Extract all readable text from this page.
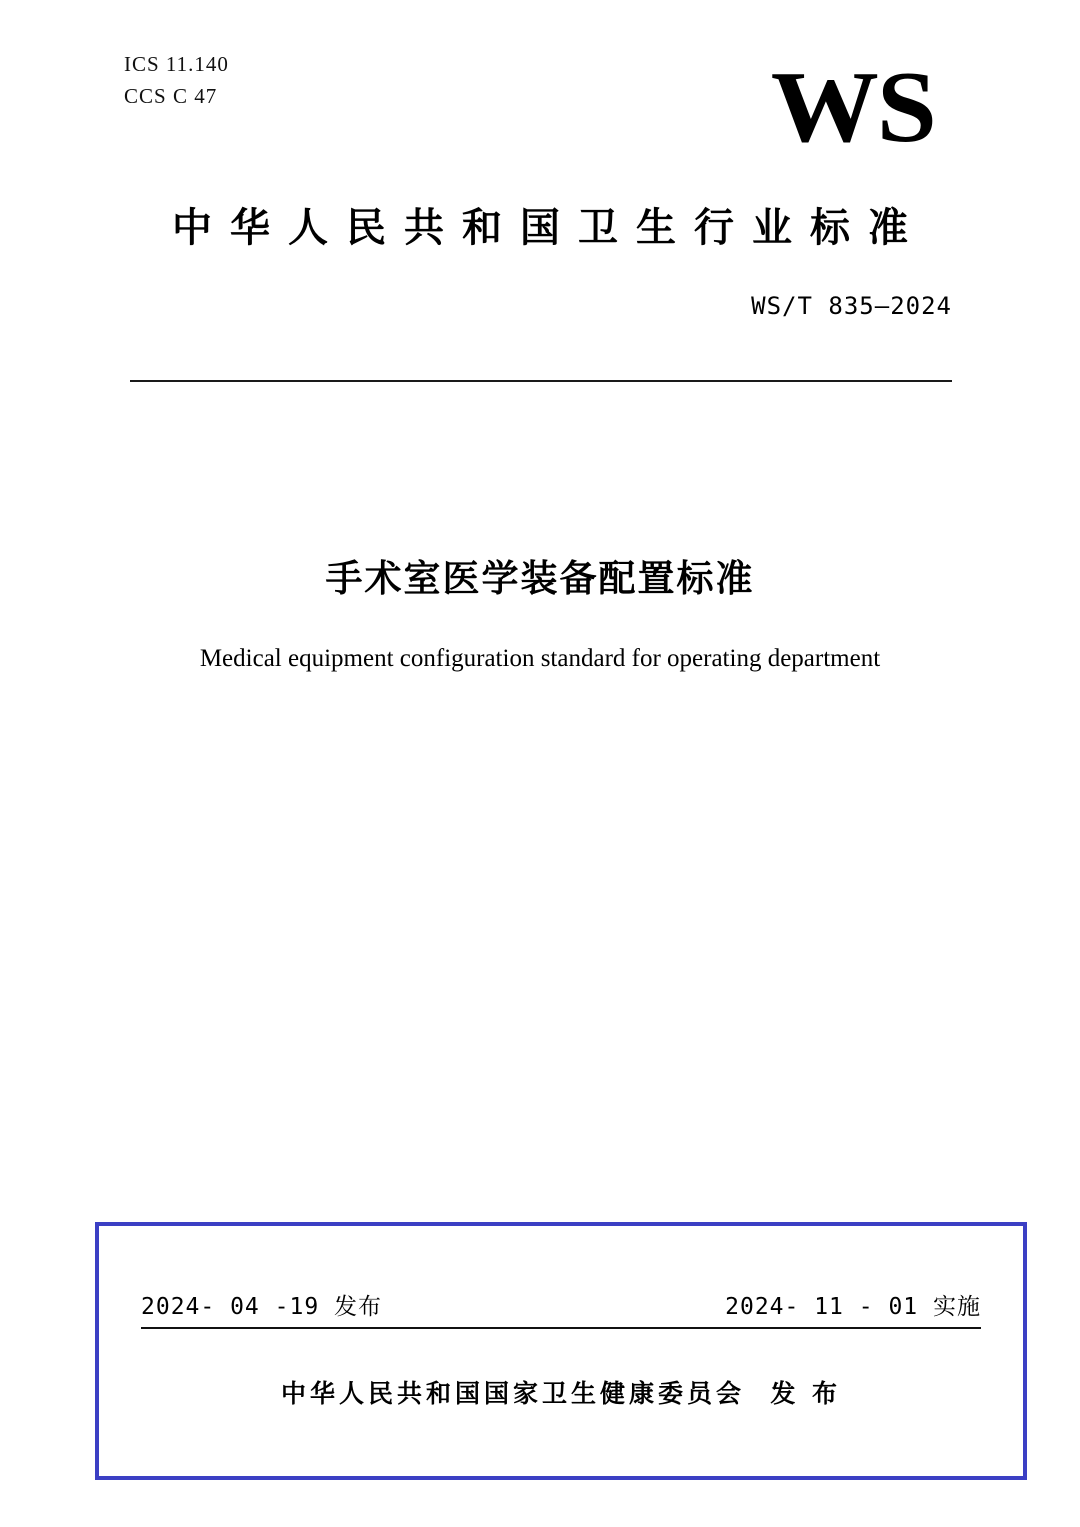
ICS 11.140
CCS C 47	WS
中华人民共和国卫生行业标准
WS/T 835—2024
手术室医学装备配置标准
Medical equipment configuration standard for operating department
2024- 04 -19 发布	2024- 11 - 01 实施
中华人民共和国国家卫生健康委员会  发 布
